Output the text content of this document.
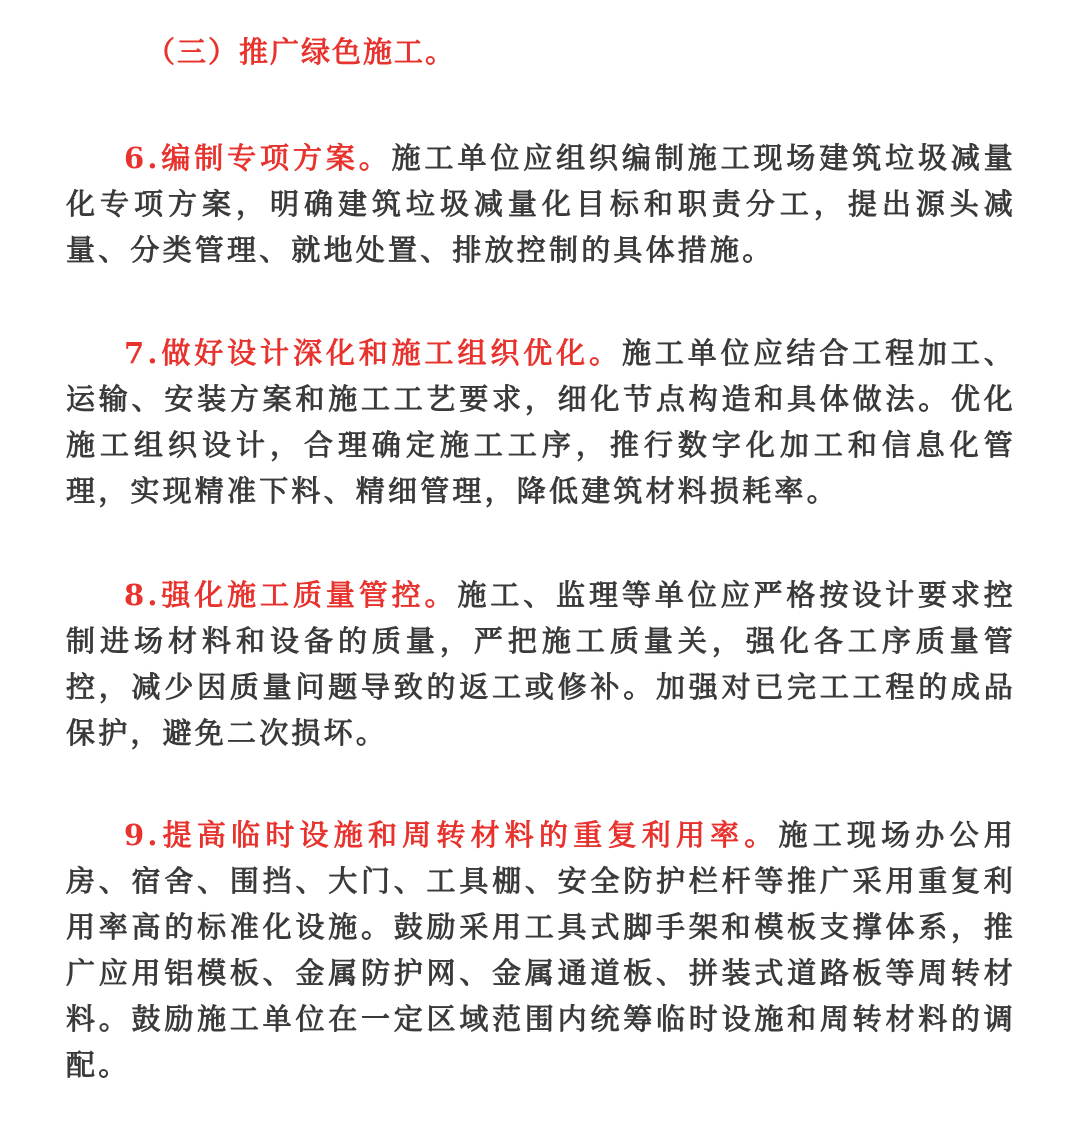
（三）推广绿色施工。

6.编制专项方案。施工单位应组织编制施工现场建筑垃圾减量化专项方案，明确建筑垃圾减量化目标和职责分工，提出源头减量、分类管理、就地处置、排放控制的具体措施。

7.做好设计深化和施工组织优化。施工单位应结合工程加工、运输、安装方案和施工工艺要求，细化节点构造和具体做法。优化施工组织设计，合理确定施工工序，推行数字化加工和信息化管理，实现精准下料、精细管理，降低建筑材料损耗率。

8.强化施工质量管控。施工、监理等单位应严格按设计要求控制进场材料和设备的质量，严把施工质量关，强化各工序质量管控，减少因质量问题导致的返工或修补。加强对已完工工程的成品保护，避免二次损坏。

9.提高临时设施和周转材料的重复利用率。施工现场办公用房、宿舍、围挡、大门、工具棚、安全防护栏杆等推广采用重复利用率高的标准化设施。鼓励采用工具式脚手架和模板支撑体系，推广应用铝模板、金属防护网、金属通道板、拼装式道路板等周转材料。鼓励施工单位在一定区域范围内统筹临时设施和周转材料的调配。
